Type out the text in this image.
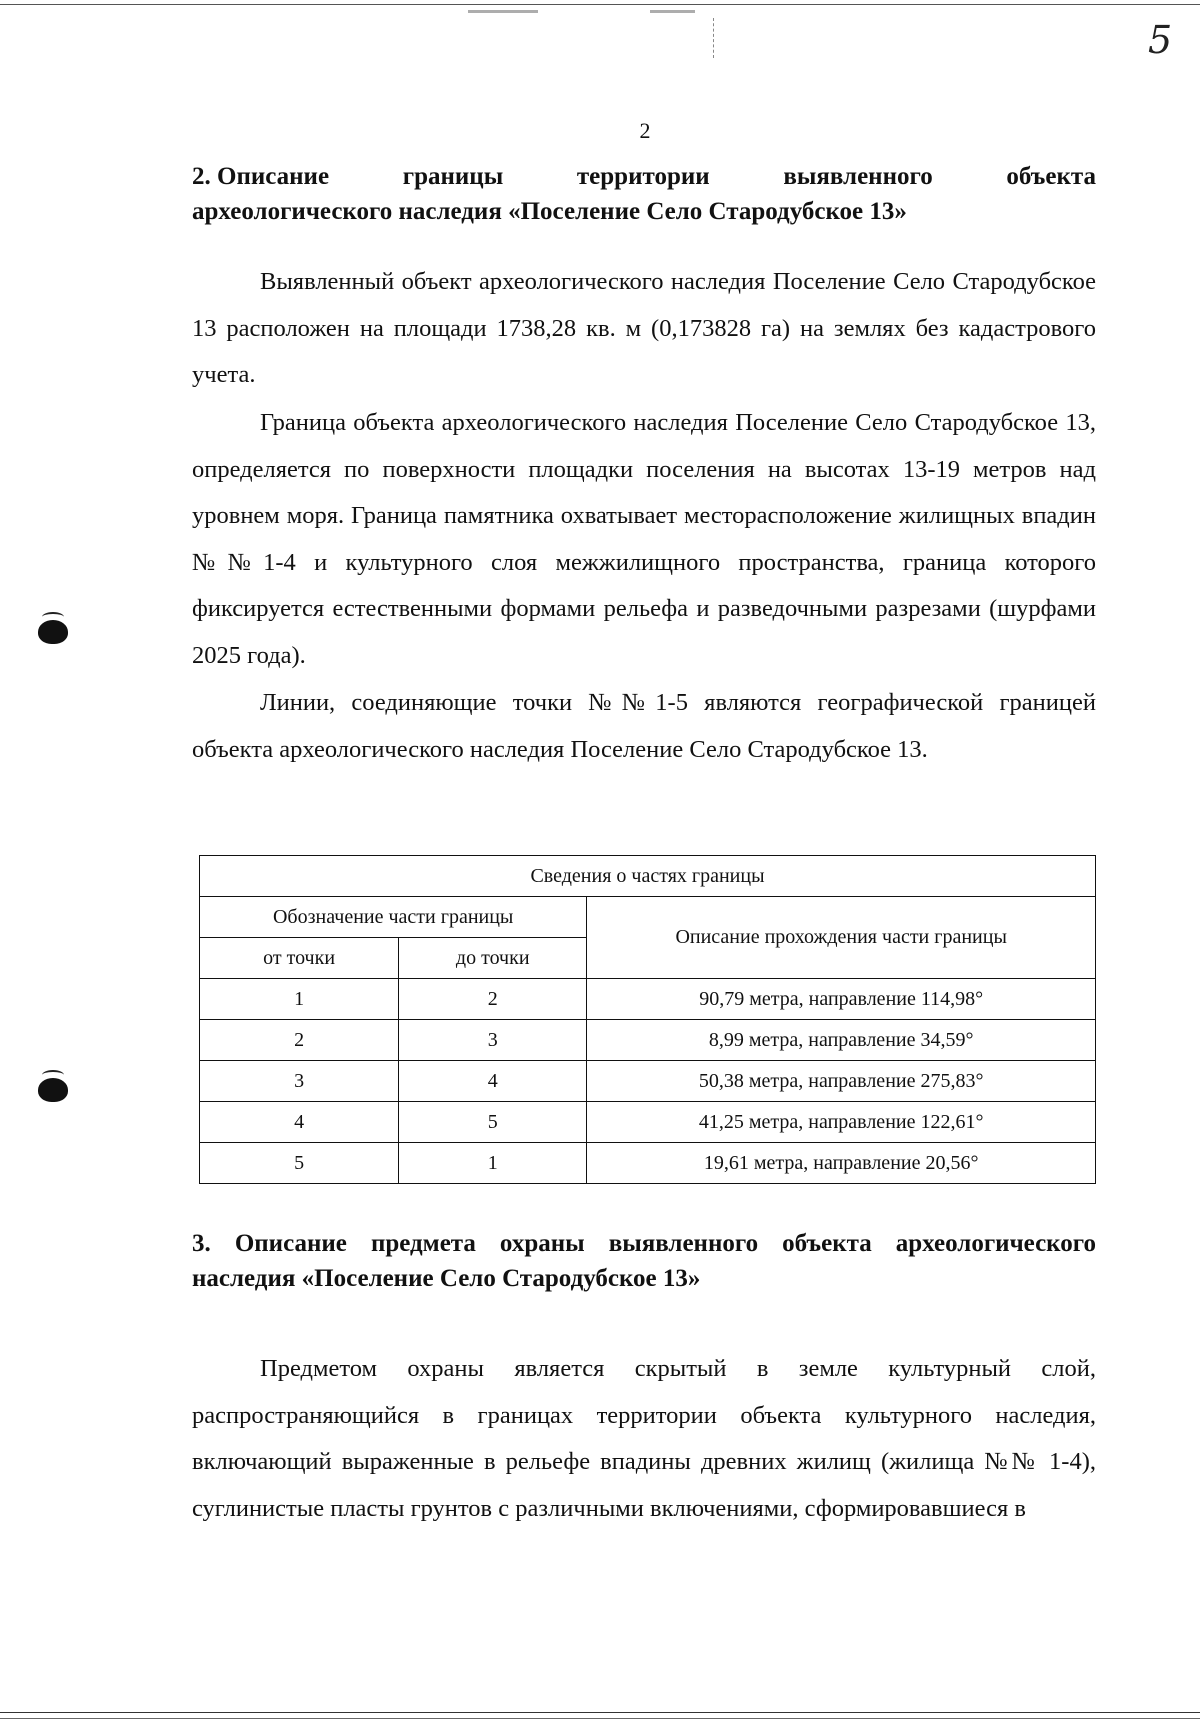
5
2
2. Описание	границы	территории	выявленного	объекта
археологического наследия «Поселение Село Стародубское 13»

Выявленный объект археологического наследия Поселение Село Стародубское 13 расположен на площади 1738,28 кв. м (0,173828 га) на землях без кадастрового учета.

Граница объекта археологического наследия Поселение Село Стародубское 13, определяется по поверхности площадки поселения на высотах 13-19 метров над уровнем моря. Граница памятника охватывает месторасположение жилищных впадин №№1-4 и культурного слоя межжилищного пространства, граница которого фиксируется естественными формами рельефа и разведочными разрезами (шурфами 2025 года).

Линии, соединяющие точки №№1-5 являются географической границей объекта археологического наследия Поселение Село Стародубское 13.

Сведения о частях границы		
Обозначение части границы		Описание прохождения части границы
от точки	до точки	
1	2	90,79 метра, направление 114,98°
2	3	8,99 метра, направление 34,59°
3	4	50,38 метра, направление 275,83°
4	5	41,25 метра, направление 122,61°
5	1	19,61 метра, направление 20,56°
3. Описание предмета охраны выявленного объекта археологического
наследия «Поселение Село Стародубское 13»

Предметом охраны является скрытый в земле культурный слой, распространяющийся в границах территории объекта культурного наследия, включающий выраженные в рельефе впадины древних жилищ (жилища №№ 1-4), суглинистые пласты грунтов с различными включениями, сформировавшиеся в
